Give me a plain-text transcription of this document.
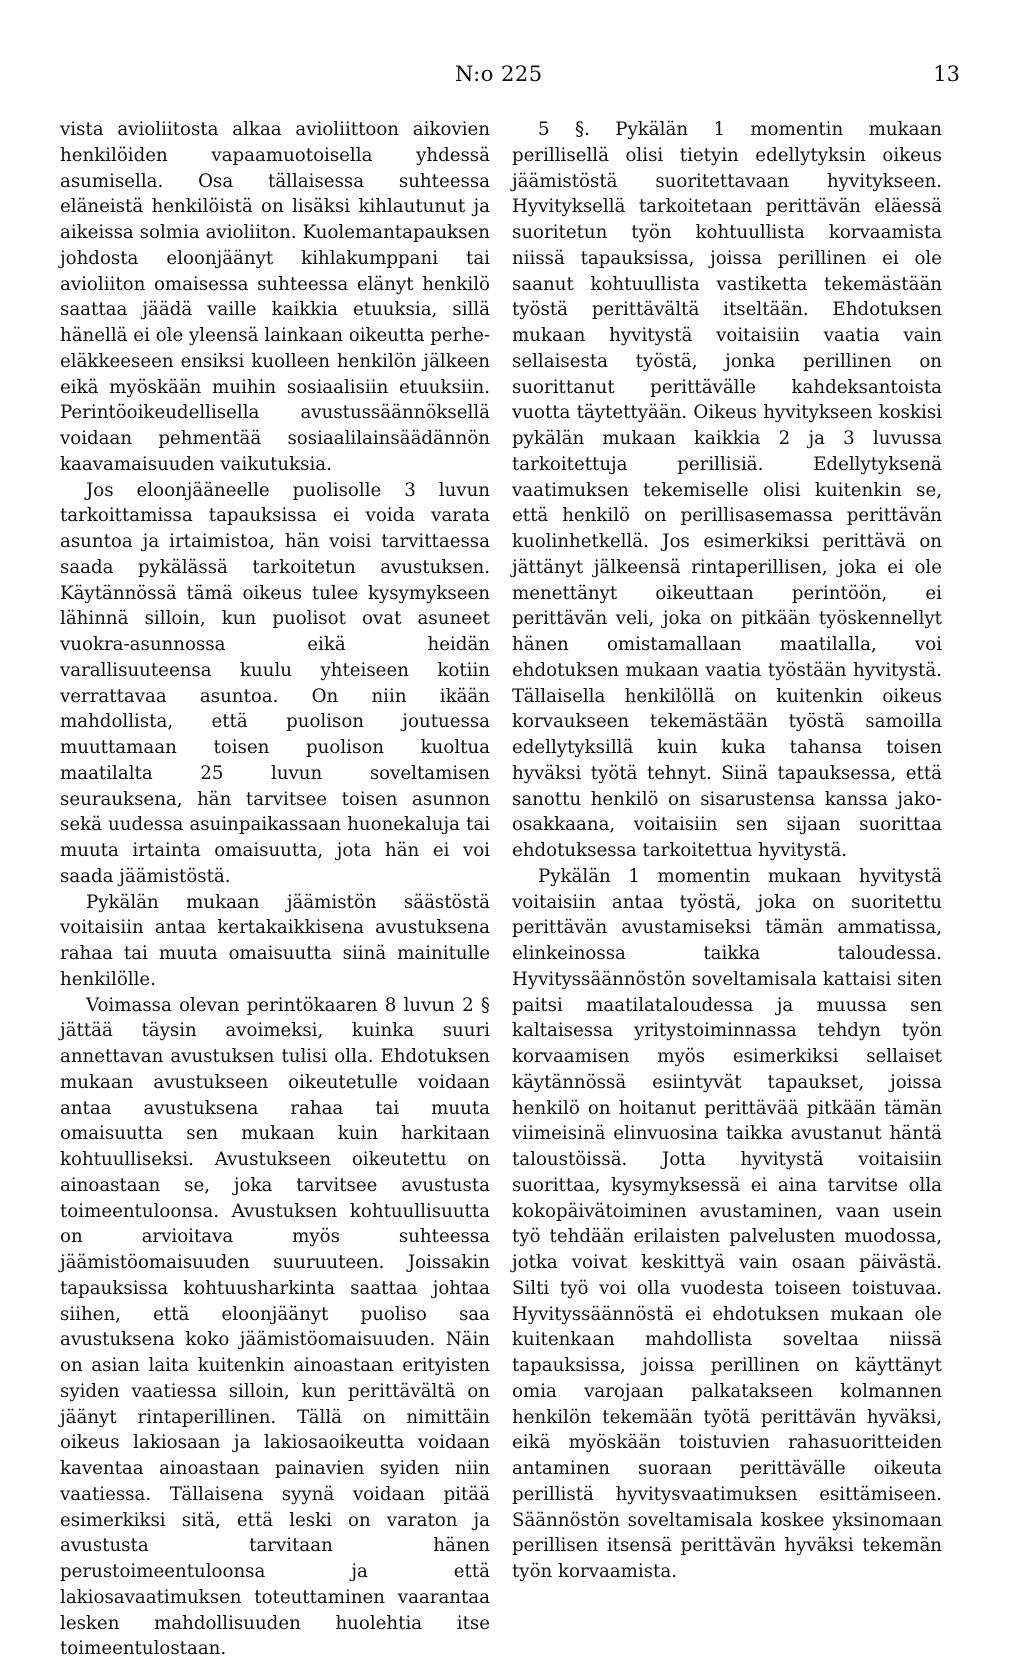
N:o 225	13

vista avioliitosta alkaa avioliittoon aikovien henkilöiden vapaamuotoisella yhdessä asumisella. Osa tällaisessa suhteessa eläneistä henkilöistä on lisäksi kihlautunut ja aikeissa solmia avioliiton. Kuolemantapauksen johdosta eloonjäänyt kihlakumppani tai avioliiton omaisessa suhteessa elänyt henkilö saattaa jäädä vaille kaikkia etuuksia, sillä hänellä ei ole yleensä lainkaan oikeutta perhe-eläkkeeseen ensiksi kuolleen henkilön jälkeen eikä myöskään muihin sosiaalisiin etuuksiin. Perintöoikeudellisella avustussäännöksellä voidaan pehmentää sosiaalilainsäädännön kaavamaisuuden vaikutuksia.

Jos eloonjääneelle puolisolle 3 luvun tarkoittamissa tapauksissa ei voida varata asuntoa ja irtaimistoa, hän voisi tarvittaessa saada pykälässä tarkoitetun avustuksen. Käytännössä tämä oikeus tulee kysymykseen lähinnä silloin, kun puolisot ovat asuneet vuokra-asunnossa eikä heidän varallisuuteensa kuulu yhteiseen kotiin verrattavaa asuntoa. On niin ikään mahdollista, että puolison joutuessa muuttamaan toisen puolison kuoltua maatilalta 25 luvun soveltamisen seurauksena, hän tarvitsee toisen asunnon sekä uudessa asuinpaikassaan huonekaluja tai muuta irtainta omaisuutta, jota hän ei voi saada jäämistöstä.

Pykälän mukaan jäämistön säästöstä voitaisiin antaa kertakaikkisena avustuksena rahaa tai muuta omaisuutta siinä mainitulle henkilölle.

Voimassa olevan perintökaaren 8 luvun 2 § jättää täysin avoimeksi, kuinka suuri annettavan avustuksen tulisi olla. Ehdotuksen mukaan avustukseen oikeutetulle voidaan antaa avustuksena rahaa tai muuta omaisuutta sen mukaan kuin harkitaan kohtuulliseksi. Avustukseen oikeutettu on ainoastaan se, joka tarvitsee avustusta toimeentuloonsa. Avustuksen kohtuullisuutta on arvioitava myös suhteessa jäämistöomaisuuden suuruuteen. Joissakin tapauksissa kohtuusharkinta saattaa johtaa siihen, että eloonjäänyt puoliso saa avustuksena koko jäämistöomaisuuden. Näin on asian laita kuitenkin ainoastaan erityisten syiden vaatiessa silloin, kun perittävältä on jäänyt rintaperillinen. Tällä on nimittäin oikeus lakiosaan ja lakiosaoikeutta voidaan kaventaa ainoastaan painavien syiden niin vaatiessa. Tällaisena syynä voidaan pitää esimerkiksi sitä, että leski on varaton ja avustusta tarvitaan hänen perustoimeentuloonsa ja että lakiosavaatimuksen toteuttaminen vaarantaa lesken mahdollisuuden huolehtia itse toimeentulostaan.

5 §. Pykälän 1 momentin mukaan perillisellä olisi tietyin edellytyksin oikeus jäämistöstä suoritettavaan hyvitykseen. Hyvityksellä tarkoitetaan perittävän eläessä suoritetun työn kohtuullista korvaamista niissä tapauksissa, joissa perillinen ei ole saanut kohtuullista vastiketta tekemästään työstä perittävältä itseltään. Ehdotuksen mukaan hyvitystä voitaisiin vaatia vain sellaisesta työstä, jonka perillinen on suorittanut perittävälle kahdeksantoista vuotta täytettyään. Oikeus hyvitykseen koskisi pykälän mukaan kaikkia 2 ja 3 luvussa tarkoitettuja perillisiä. Edellytyksenä vaatimuksen tekemiselle olisi kuitenkin se, että henkilö on perillisasemassa perittävän kuolinhetkellä. Jos esimerkiksi perittävä on jättänyt jälkeensä rintaperillisen, joka ei ole menettänyt oikeuttaan perintöön, ei perittävän veli, joka on pitkään työskennellyt hänen omistamallaan maatilalla, voi ehdotuksen mukaan vaatia työstään hyvitystä. Tällaisella henkilöllä on kuitenkin oikeus korvaukseen tekemästään työstä samoilla edellytyksillä kuin kuka tahansa toisen hyväksi työtä tehnyt. Siinä tapauksessa, että sanottu henkilö on sisarustensa kanssa jako-osakkaana, voitaisiin sen sijaan suorittaa ehdotuksessa tarkoitettua hyvitystä.

Pykälän 1 momentin mukaan hyvitystä voitaisiin antaa työstä, joka on suoritettu perittävän avustamiseksi tämän ammatissa, elinkeinossa taikka taloudessa. Hyvityssäännöstön soveltamisala kattaisi siten paitsi maatilataloudessa ja muussa sen kaltaisessa yritystoiminnassa tehdyn työn korvaamisen myös esimerkiksi sellaiset käytännössä esiintyvät tapaukset, joissa henkilö on hoitanut perittävää pitkään tämän viimeisinä elinvuosina taikka avustanut häntä taloustöissä. Jotta hyvitystä voitaisiin suorittaa, kysymyksessä ei aina tarvitse olla kokopäivätoiminen avustaminen, vaan usein työ tehdään erilaisten palvelusten muodossa, jotka voivat keskittyä vain osaan päivästä. Silti työ voi olla vuodesta toiseen toistuvaa. Hyvityssäännöstä ei ehdotuksen mukaan ole kuitenkaan mahdollista soveltaa niissä tapauksissa, joissa perillinen on käyttänyt omia varojaan palkatakseen kolmannen henkilön tekemään työtä perittävän hyväksi, eikä myöskään toistuvien rahasuoritteiden antaminen suoraan perittävälle oikeuta perillistä hyvitysvaatimuksen esittämiseen. Säännöstön soveltamisala koskee yksinomaan perillisen itsensä perittävän hyväksi tekemän työn korvaamista.
